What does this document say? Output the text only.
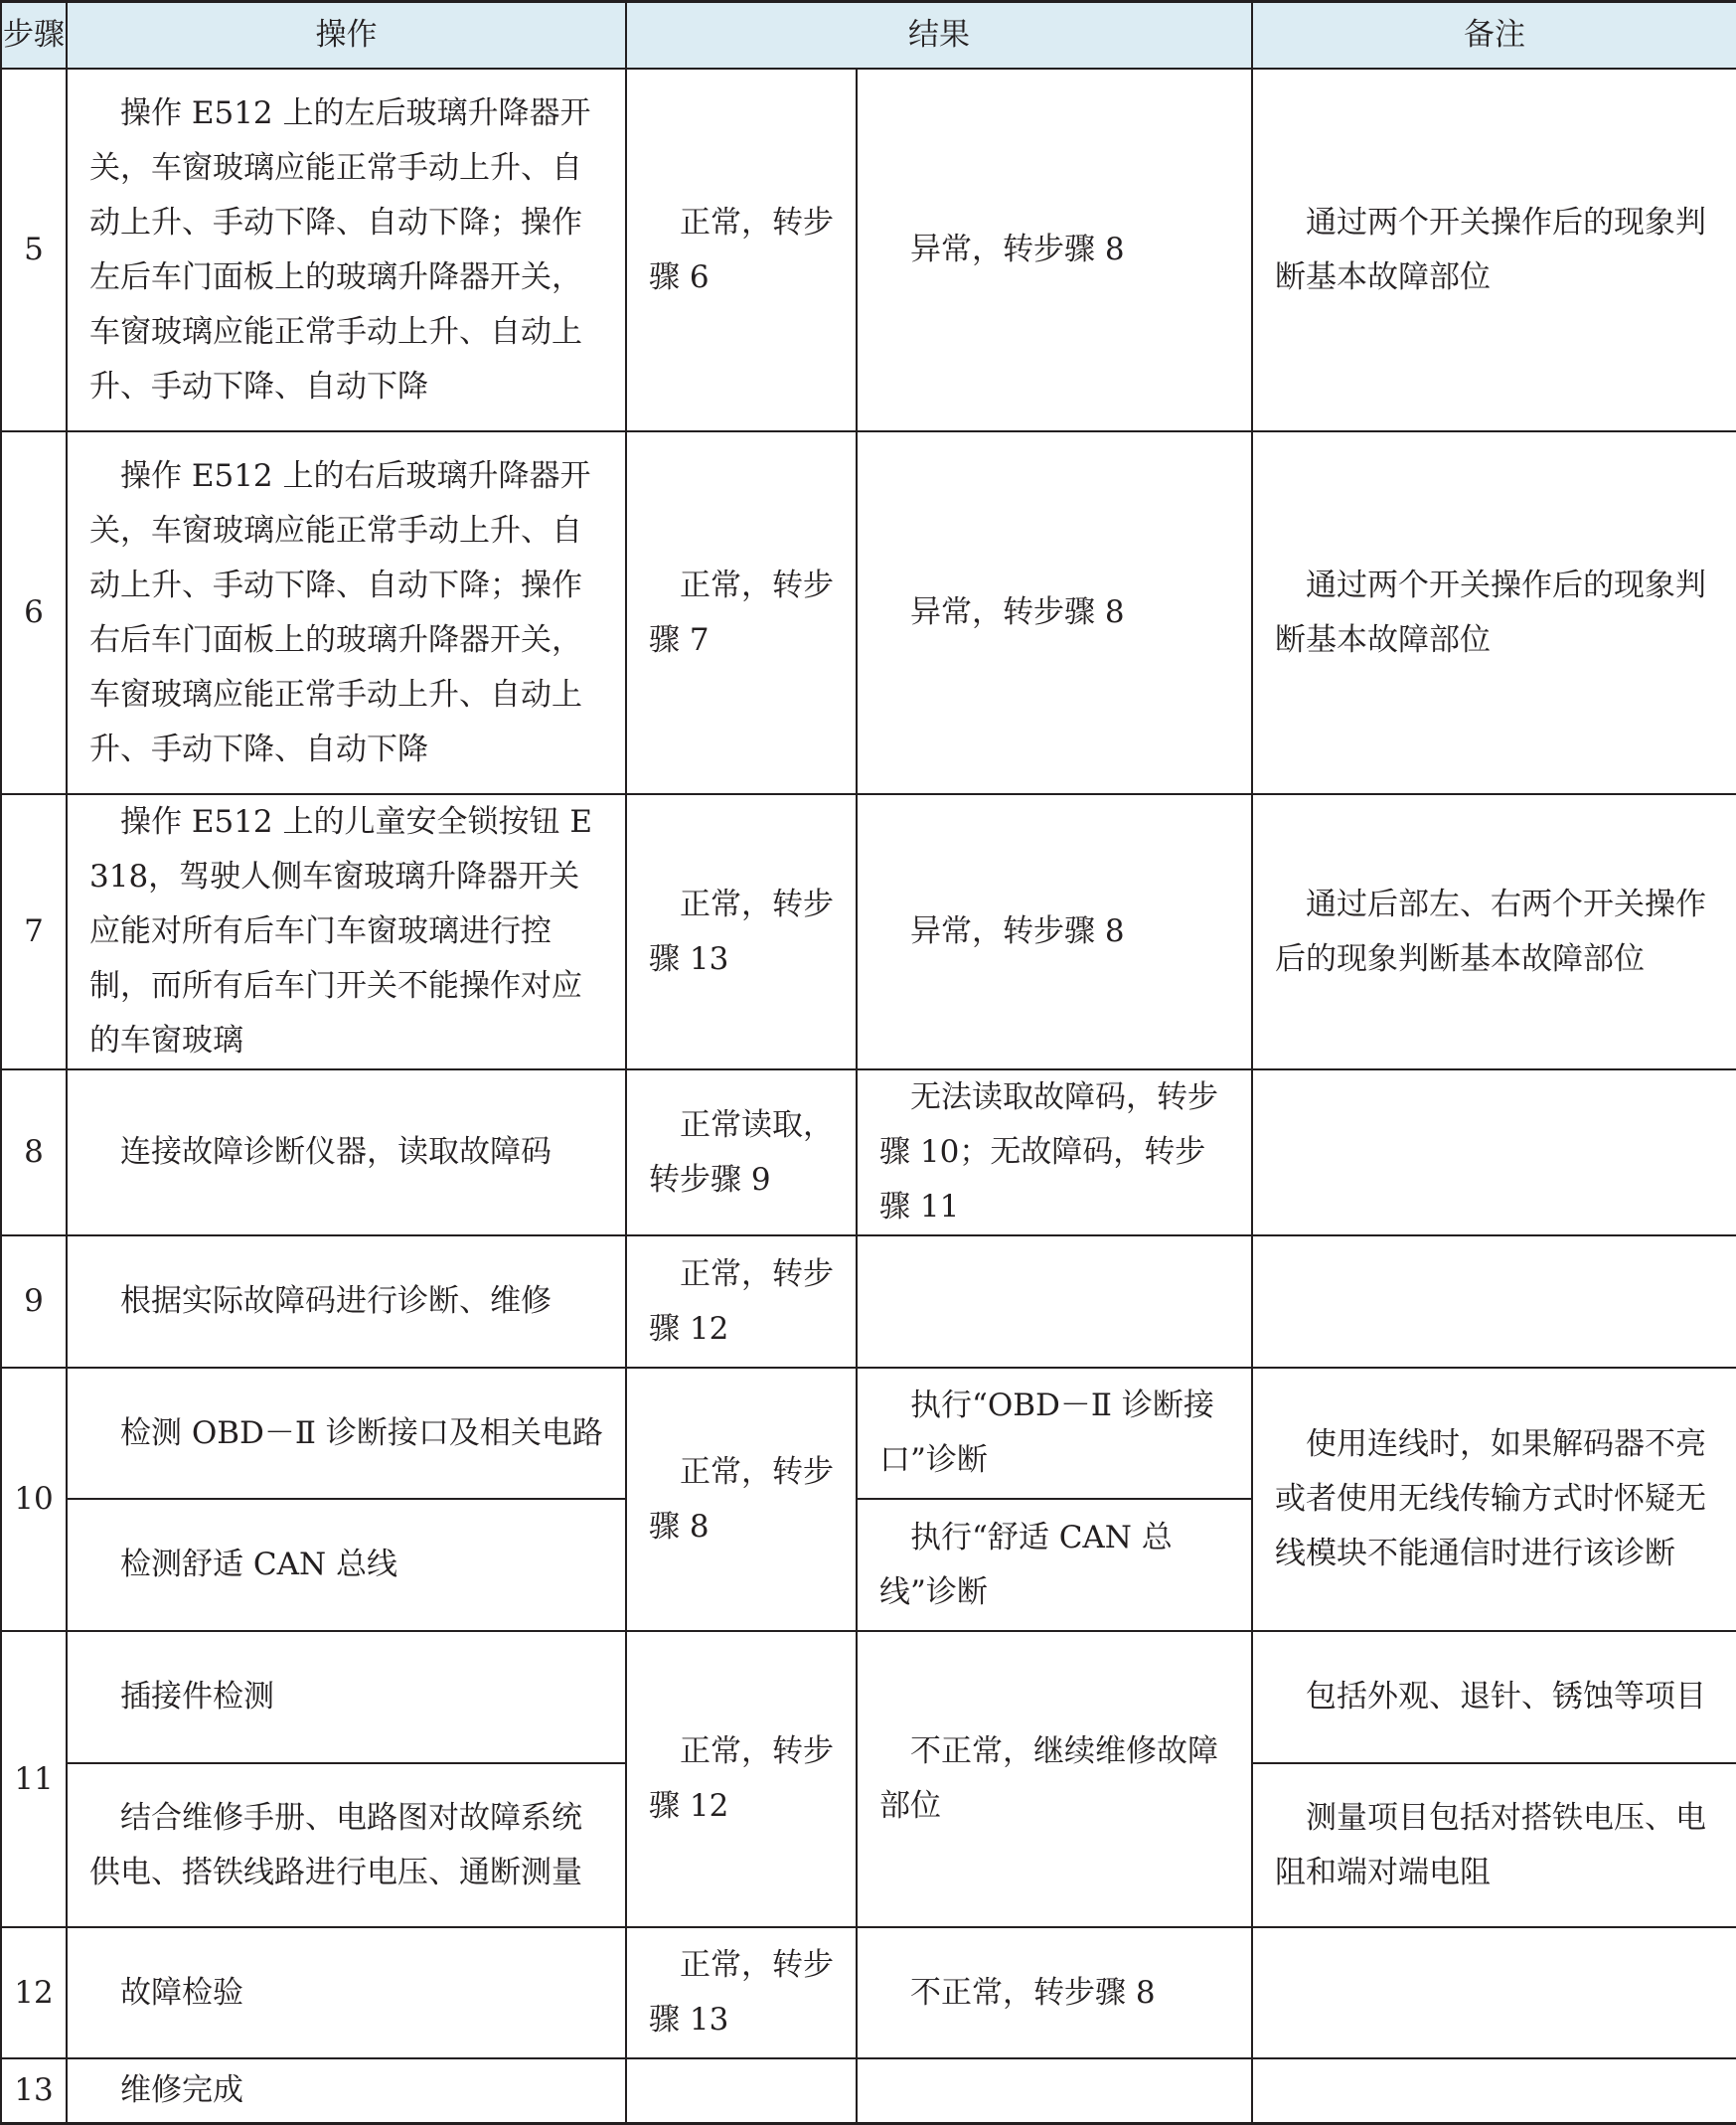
步骤	操作	结果		备注
5	操作 E512 上的左后玻璃升降器开关，车窗玻璃应能正常手动上升、自动上升、手动下降、自动下降；操作左后车门面板上的玻璃升降器开关，车窗玻璃应能正常手动上升、自动上升、手动下降、自动下降	正常，转步骤 6	异常，转步骤 8	通过两个开关操作后的现象判断基本故障部位
6	操作 E512 上的右后玻璃升降器开关，车窗玻璃应能正常手动上升、自动上升、手动下降、自动下降；操作右后车门面板上的玻璃升降器开关，车窗玻璃应能正常手动上升、自动上升、手动下降、自动下降	正常，转步骤 7	异常，转步骤 8	通过两个开关操作后的现象判断基本故障部位
7	操作 E512 上的儿童安全锁按钮 E318，驾驶人侧车窗玻璃升降器开关应能对所有后车门车窗玻璃进行控制，而所有后车门开关不能操作对应的车窗玻璃	正常，转步骤 13	异常，转步骤 8	通过后部左、右两个开关操作后的现象判断基本故障部位
8	连接故障诊断仪器，读取故障码	正常读取，转步骤 9	无法读取故障码，转步骤 10；无故障码，转步骤 11	
9	根据实际故障码进行诊断、维修	正常，转步骤 12		
10	检测 OBD－Ⅱ 诊断接口及相关电路	正常，转步骤 8	执行“OBD－Ⅱ 诊断接口”诊断	使用连线时，如果解码器不亮或者使用无线传输方式时怀疑无线模块不能通信时进行该诊断
	检测舒适 CAN 总线		执行“舒适 CAN 总线”诊断	
11	插接件检测	正常，转步骤 12	不正常，继续维修故障部位	包括外观、退针、锈蚀等项目
	结合维修手册、电路图对故障系统供电、搭铁线路进行电压、通断测量			测量项目包括对搭铁电压、电阻和端对端电阻
12	故障检验	正常，转步骤 13	不正常，转步骤 8	
13	维修完成			
